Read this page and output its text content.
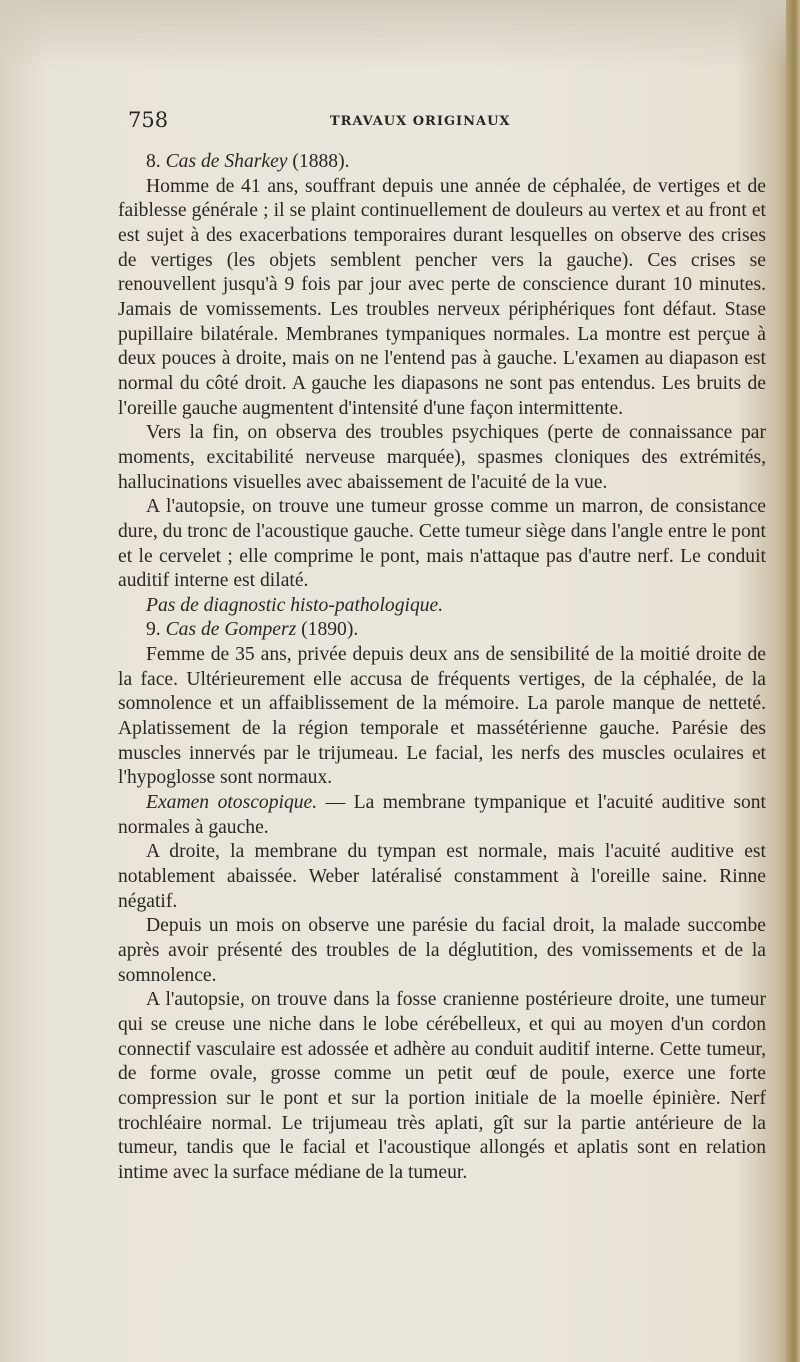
758	TRAVAUX ORIGINAUX

8. Cas de Sharkey (1888).

Homme de 41 ans, souffrant depuis une année de céphalée, de vertiges et de faiblesse générale ; il se plaint continuellement de douleurs au vertex et au front et est sujet à des exacerbations temporaires durant lesquelles on observe des crises de vertiges (les objets semblent pencher vers la gauche). Ces crises se renouvellent jusqu'à 9 fois par jour avec perte de conscience durant 10 minutes. Jamais de vomissements. Les troubles nerveux périphériques font défaut. Stase pupillaire bilatérale. Membranes tympaniques normales. La montre est perçue à deux pouces à droite, mais on ne l'entend pas à gauche. L'examen au diapason est normal du côté droit. A gauche les diapasons ne sont pas entendus. Les bruits de l'oreille gauche augmentent d'intensité d'une façon intermittente.

Vers la fin, on observa des troubles psychiques (perte de connaissance par moments, excitabilité nerveuse marquée), spasmes cloniques des extrémités, hallucinations visuelles avec abaissement de l'acuité de la vue.

A l'autopsie, on trouve une tumeur grosse comme un marron, de consistance dure, du tronc de l'acoustique gauche. Cette tumeur siège dans l'angle entre le pont et le cervelet ; elle comprime le pont, mais n'attaque pas d'autre nerf. Le conduit auditif interne est dilaté.

Pas de diagnostic histo-pathologique.

9. Cas de Gomperz (1890).

Femme de 35 ans, privée depuis deux ans de sensibilité de la moitié droite de la face. Ultérieurement elle accusa de fréquents vertiges, de la céphalée, de la somnolence et un affaiblissement de la mémoire. La parole manque de netteté. Aplatissement de la région temporale et massétérienne gauche. Parésie des muscles innervés par le trijumeau. Le facial, les nerfs des muscles oculaires et l'hypoglosse sont normaux.

Examen otoscopique. — La membrane tympanique et l'acuité auditive sont normales à gauche.

A droite, la membrane du tympan est normale, mais l'acuité auditive est notablement abaissée. Weber latéralisé constamment à l'oreille saine. Rinne négatif.

Depuis un mois on observe une parésie du facial droit, la malade succombe après avoir présenté des troubles de la déglutition, des vomissements et de la somnolence.

A l'autopsie, on trouve dans la fosse cranienne postérieure droite, une tumeur qui se creuse une niche dans le lobe cérébelleux, et qui au moyen d'un cordon connectif vasculaire est adossée et adhère au conduit auditif interne. Cette tumeur, de forme ovale, grosse comme un petit œuf de poule, exerce une forte compression sur le pont et sur la portion initiale de la moelle épinière. Nerf trochléaire normal. Le trijumeau très aplati, gît sur la partie antérieure de la tumeur, tandis que le facial et l'acoustique allongés et aplatis sont en relation intime avec la surface médiane de la tumeur.
